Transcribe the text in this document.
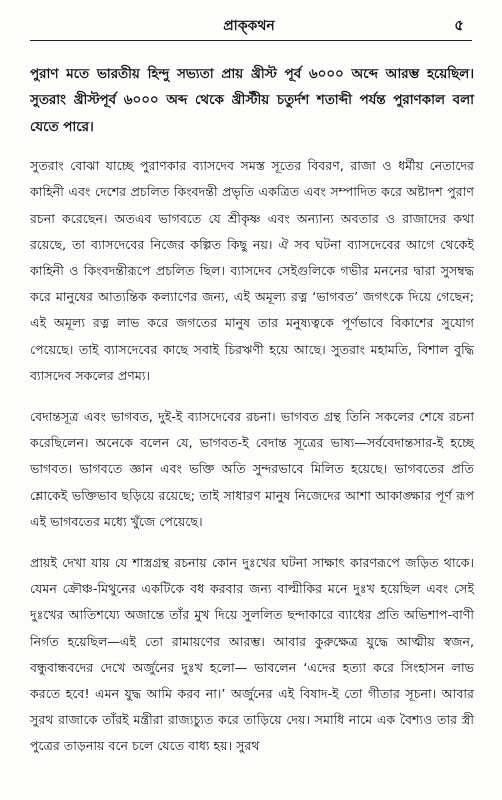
প্রাক্‌কথন	৫

পুরাণ মতে ভারতীয় হিন্দু সভ্যতা প্রায় খ্রীস্ট পূর্ব ৬০০০ অব্দে আরম্ভ হয়েছিল। সুতরাং খ্রীস্টপূর্ব ৬০০০ অব্দ থেকে খ্রীস্টীয় চতুর্দশ শতাব্দী পর্যন্ত পুরাণকাল বলা যেতে পারে।

সুতরাং বোঝা যাচ্ছে পুরাণকার ব্যাসদেব সমস্ত সূতের বিবরণ, রাজা ও ধর্মীয় নেতাদের কাহিনী এবং দেশের প্রচলিত কিংবদন্তী প্রভৃতি একত্রিত এবং সম্পাদিত করে অষ্টাদশ পুরাণ রচনা করেছেন। অতএব ভাগবতে যে শ্রীকৃষ্ণ এবং অন্যান্য অবতার ও রাজাদের কথা রয়েছে, তা ব্যাসদেবের নিজের কল্পিত কিছু নয়। ঐ সব ঘটনা ব্যাসদেবের আগে থেকেই কাহিনী ও কিংবদন্তীরূপে প্রচলিত ছিল। ব্যাসদেব সেইগুলিকে গভীর মননের দ্বারা সুসম্বদ্ধ করে মানুষের আত্যন্তিক কল্যাণের জন্য, এই অমূল্য রত্ন ‘ভাগবত’ জগৎকে দিয়ে গেছেন; এই অমূল্য রত্ন লাভ করে জগতের মানুষ তার মনুষ্যত্বকে পূর্ণভাবে বিকাশের সুযোগ পেয়েছে। তাই ব্যাসদেবের কাছে সবাই চিরঋণী হয়ে আছে। সুতরাং মহামতি, বিশাল বুদ্ধি ব্যাসদেব সকলের প্রণম্য।

বেদান্তসূত্র এবং ভাগবত, দুই-ই ব্যাসদেবের রচনা। ভাগবত গ্রন্থ তিনি সকলের শেষে রচনা করেছিলেন। অনেকে বলেন যে, ভাগবত-ই বেদান্ত সূত্রের ভাষ্য—সর্ববেদান্তসার-ই হচ্ছে ভাগবত। ভাগবতে জ্ঞান এবং ভক্তি অতি সুন্দরভাবে মিলিত হয়েছে। ভাগবতের প্রতি শ্লোকেই ভক্তিভাব ছড়িয়ে রয়েছে; তাই সাধারণ মানুষ নিজেদের আশা আকাঙ্ক্ষার পূর্ণ রূপ এই ভাগবতের মধ্যে খুঁজে পেয়েছে।

প্রায়ই দেখা যায় যে শাস্ত্রগ্রন্থ রচনায় কোন দুঃখের ঘটনা সাক্ষাৎ কারণরূপে জড়িত থাকে। যেমন ক্রৌঞ্চ-মিথুনের একটিকে বধ করবার জন্য বাল্মীকির মনে দুঃখ হয়েছিল এবং সেই দুঃখের আতিশয্যে অজান্তে তাঁর মুখ দিয়ে সুললিত ছন্দাকারে ব্যাধের প্রতি অভিশাপ-বাণী নির্গত হয়েছিল—এই তো রামায়ণের আরম্ভ। আবার কুরুক্ষেত্র যুদ্ধে আত্মীয় স্বজন, বন্ধুবান্ধবদের দেখে অর্জুনের দুঃখ হলো— ভাবলেন ‘এদের হত্যা করে সিংহাসন লাভ করতে হবে! এমন যুদ্ধ আমি করব না।’ অর্জুনের এই বিষাদ-ই তো গীতার সূচনা। আবার সুরথ রাজাকে তাঁরই মন্ত্রীরা রাজ্যচ্যুত করে তাড়িয়ে দেয়। সমাধি নামে এক বৈশ্যও তার স্ত্রী পুত্রের তাড়নায় বনে চলে যেতে বাধ্য হয়। সুরথ
